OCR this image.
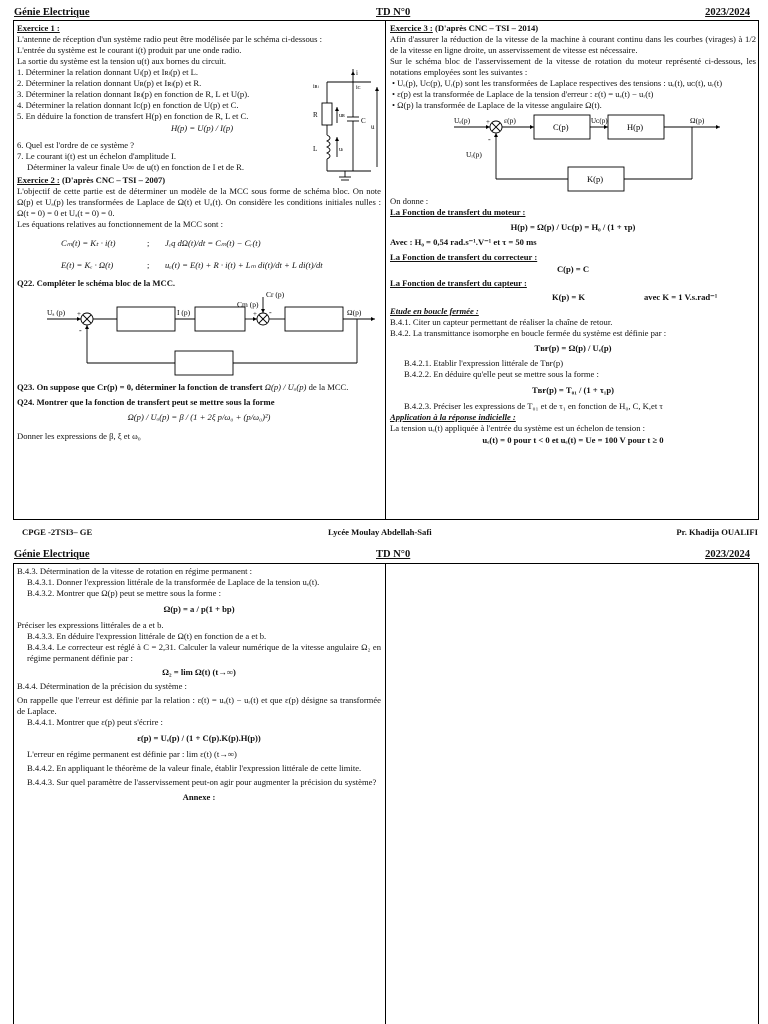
Génie Electrique	TD N°0	2023/2024

Exercice 1 :

L'antenne de réception d'un système radio peut être modélisée par le schéma ci-dessous :

L'entrée du système est le courant i(t) produit par une onde radio.

La sortie du système est la tension u(t) aux bornes du circuit.

1. Déterminer la relation donnant Uₗ(p) et Iʀₗ(p) et L.

2. Déterminer la relation donnant Uʀ(p) et Iʀₗ(p) et R.

3. Déterminer la relation donnant Iʀₗ(p) en fonction de R, L et U(p).

4. Déterminer la relation donnant Iᴄ(p) en fonction de U(p) et C.

5. En déduire la fonction de transfert H(p) en fonction de R, L et C.

H(p) = U(p) / I(p)

6. Quel est l'ordre de ce système ?

7. Le courant i(t) est un échelon d'amplitude I.

Déterminer la valeur finale U∞ de u(t) en fonction de I et de R.

i
iʀₗ	iᴄ
R	uʀ
C
u
L	uₗ

Exercice 2 : (D'après CNC – TSI – 2007)

L'objectif de cette partie est de déterminer un modèle de la MCC sous forme de schéma bloc. On note Ω(p) et Uₐ(p) les transformées de Laplace de Ω(t) et Uₐ(t). On considère les conditions initiales nulles : Ω(t = 0) = 0 et Uₐ(t = 0) = 0.

Les équations relatives au fonctionnement de la MCC sont :

Cₘ(t) = Kₜ · i(t)	; Jₑq dΩ(t)/dt = Cₘ(t) − Cᵣ(t)
E(t) = Kₑ · Ω(t)	; uₐ(t) = E(t) + R · i(t) + Lₘ di(t)/dt + L di(t)/dt

Q22. Compléter le schéma bloc de la MCC.

Uₐ (p) +
-
I (p)
Cm (p)
Cr (p)
+ -	Ω(p)

Q23. On suppose que Cr(p) = 0, déterminer la fonction de transfert Ω(p) / Uₐ(p) de la MCC.

Q24. Montrer que la fonction de transfert peut se mettre sous la forme

Ω(p) / Uₐ(p) = β / (1 + 2ξ p/ω₀ + (p/ω₀)²)

Donner les expressions de β, ξ et ω₀

Exercice 3 : (D'après CNC – TSI – 2014)

Afin d'assurer la réduction de la vitesse de la machine à courant continu dans les courbes (virages) à 1/2 de la vitesse en ligne droite, un asservissement de vitesse est nécessaire.

Sur le schéma bloc de l'asservissement de la vitesse de rotation du moteur représenté ci-dessous, les notations employées sont les suivantes :

• Uₑ(p), Uᴄ(p), Uᵣ(p) sont les transformées de Laplace respectives des tensions : uₑ(t), uᴄ(t), uᵣ(t)

• ε(p) est la transformée de Laplace de la tension d'erreur : ε(t) = uₑ(t) − uᵣ(t)

• Ω(p) la transformée de Laplace de la vitesse angulaire Ω(t).

Uₑ(p) +
-
ε(p)
C(p)
Uᴄ(p)
H(p)
Ω(p)
Uᵣ(p)
K(p)

On donne :

La Fonction de transfert du moteur :

H(p) = Ω(p) / Uᴄ(p) = H₀ / (1 + τp)

Avec : H₀ = 0,54 rad.s⁻¹.V⁻¹ et τ = 50 ms

La Fonction de transfert du correcteur :

C(p) = C

La Fonction de transfert du capteur :

K(p) = K	avec K = 1 V.s.rad⁻¹

Etude en boucle fermée :

B.4.1. Citer un capteur permettant de réaliser la chaîne de retour.

B.4.2. La transmittance isomorphe en boucle fermée du système est définie par :

Tʙғ(p) = Ω(p) / Uₑ(p)

B.4.2.1. Etablir l'expression littérale de Tʙғ(p)

B.4.2.2. En déduire qu'elle peut se mettre sous la forme :

Tʙғ(p) = T₀₁ / (1 + τ₁p)

B.4.2.3. Préciser les expressions de T₀₁ et de τ₁ en fonction de H₀, C, K,et τ

Application à la réponse indicielle :

La tension uₑ(t) appliquée à l'entrée du système est un échelon de tension :

uₑ(t) = 0 pour t < 0 et uₑ(t) = Ue = 100 V pour t ≥ 0

CPGE -2TSI3– GE	Lycée Moulay Abdellah-Safi	Pr. Khadija OUALIFI
Génie Electrique	TD N°0	2023/2024

B.4.3. Détermination de la vitesse de rotation en régime permanent :

B.4.3.1. Donner l'expression littérale de la transformée de Laplace de la tension uₑ(t).

B.4.3.2. Montrer que Ω(p) peut se mettre sous la forme :

Ω(p) = a / p(1 + bp)

Préciser les expressions littérales de a et b.

B.4.3.3. En déduire l'expression littérale de Ω(t) en fonction de a et b.

B.4.3.4. Le correcteur est réglé à C = 2,31. Calculer la valeur numérique de la vitesse angulaire Ω₂ en régime permanent définie par :

Ω₂ = lim Ω(t) (t→∞)

B.4.4. Détermination de la précision du système :

On rappelle que l'erreur est définie par la relation : ε(t) = uₑ(t) − uᵣ(t) et que ε(p) désigne sa transformée de Laplace.

B.4.4.1. Montrer que ε(p) peut s'écrire :

ε(p) = Uₑ(p) / (1 + C(p).K(p).H(p))

L'erreur en régime permanent est définie par : lim ε(t) (t→∞)

B.4.4.2. En appliquant le théorème de la valeur finale, établir l'expression littérale de cette limite.

B.4.4.3. Sur quel paramètre de l'asservissement peut-on agir pour augmenter la précision du système?

Annexe :
